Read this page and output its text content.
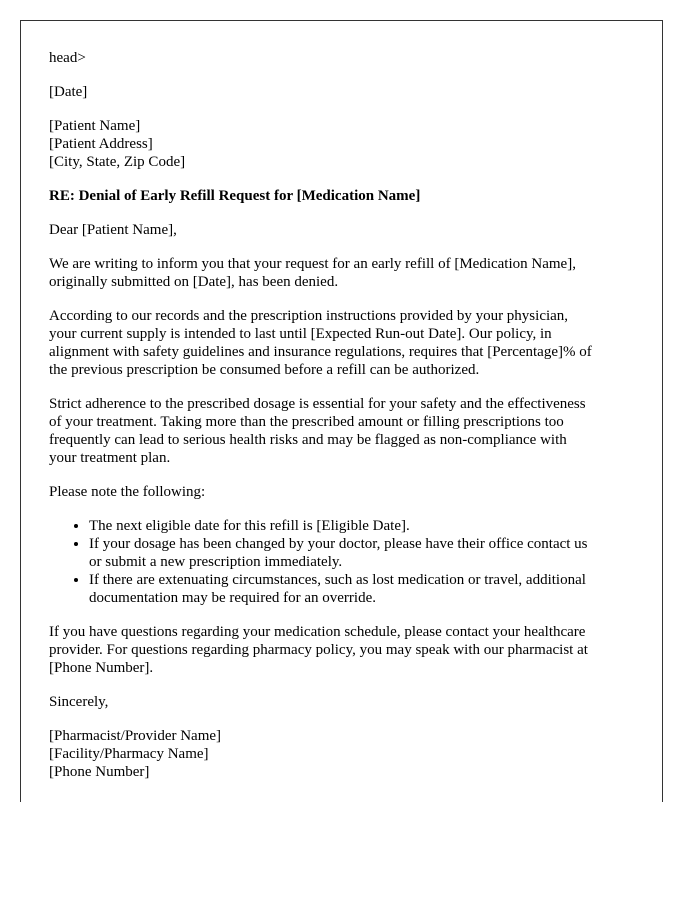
head>

[Date]

[Patient Name]
[Patient Address]
[City, State, Zip Code]

RE: Denial of Early Refill Request for [Medication Name]

Dear [Patient Name],

We are writing to inform you that your request for an early refill of [Medication Name],
originally submitted on [Date], has been denied.

According to our records and the prescription instructions provided by your physician,
your current supply is intended to last until [Expected Run-out Date]. Our policy, in
alignment with safety guidelines and insurance regulations, requires that [Percentage]% of
the previous prescription be consumed before a refill can be authorized.

Strict adherence to the prescribed dosage is essential for your safety and the effectiveness
of your treatment. Taking more than the prescribed amount or filling prescriptions too
frequently can lead to serious health risks and may be flagged as non-compliance with
your treatment plan.

Please note the following:

• The next eligible date for this refill is [Eligible Date].
• If your dosage has been changed by your doctor, please have their office contact us
or submit a new prescription immediately.
• If there are extenuating circumstances, such as lost medication or travel, additional
documentation may be required for an override.

If you have questions regarding your medication schedule, please contact your healthcare
provider. For questions regarding pharmacy policy, you may speak with our pharmacist at
[Phone Number].

Sincerely,

[Pharmacist/Provider Name]
[Facility/Pharmacy Name]
[Phone Number]
